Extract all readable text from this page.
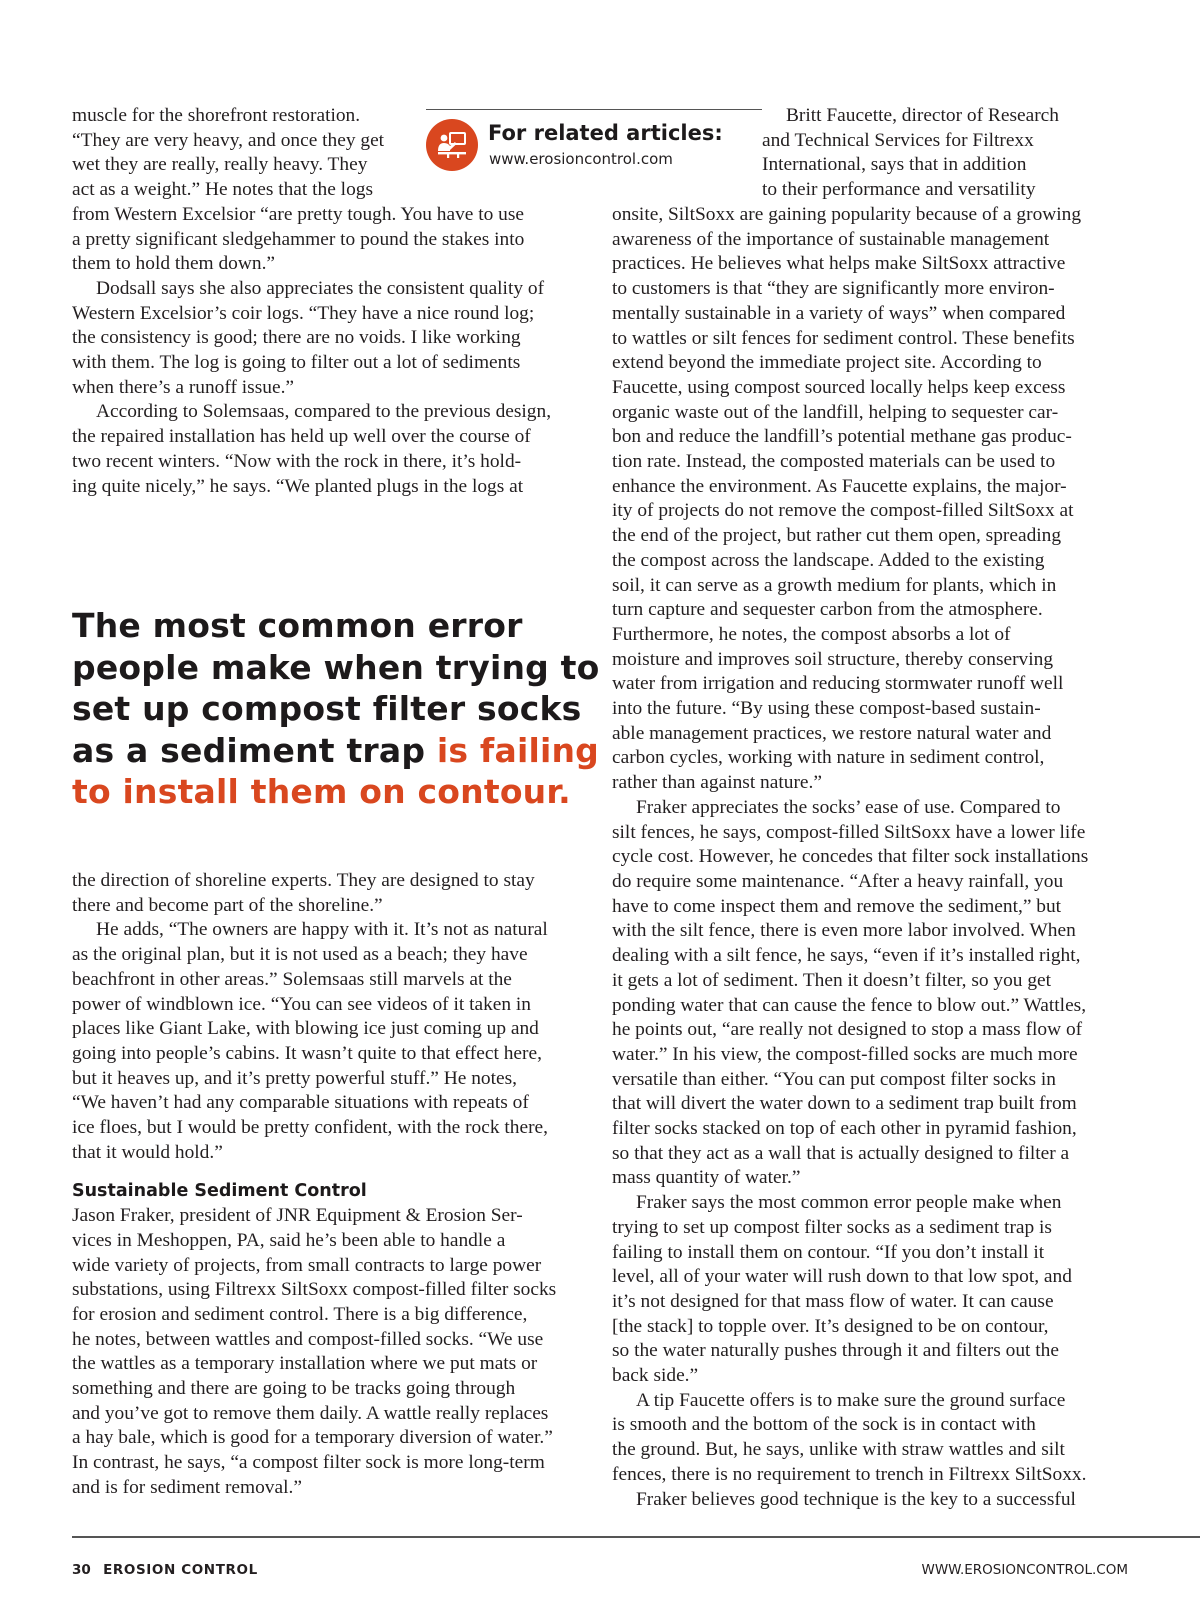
muscle for the shorefront restoration.
“They are very heavy, and once they get
wet they are really, really heavy. They
act as a weight.” He notes that the logs
from Western Excelsior “are pretty tough. You have to use
a pretty significant sledgehammer to pound the stakes into
them to hold them down.”

Dodsall says she also appreciates the consistent quality of
Western Excelsior’s coir logs. “They have a nice round log;
the consistency is good; there are no voids. I like working
with them. The log is going to filter out a lot of sediments
when there’s a runoff issue.”

According to Solemsaas, compared to the previous design,
the repaired installation has held up well over the course of
two recent winters. “Now with the rock in there, it’s hold-
ing quite nicely,” he says. “We planted plugs in the logs at

For related articles:
www.erosioncontrol.com
The most common error
people make when trying to
set up compost filter socks
as a sediment trap is failing
to install them on contour.

the direction of shoreline experts. They are designed to stay
there and become part of the shoreline.”

He adds, “The owners are happy with it. It’s not as natural
as the original plan, but it is not used as a beach; they have
beachfront in other areas.” Solemsaas still marvels at the
power of windblown ice. “You can see videos of it taken in
places like Giant Lake, with blowing ice just coming up and
going into people’s cabins. It wasn’t quite to that effect here,
but it heaves up, and it’s pretty powerful stuff.” He notes,
“We haven’t had any comparable situations with repeats of
ice floes, but I would be pretty confident, with the rock there,
that it would hold.”

Sustainable Sediment Control

Jason Fraker, president of JNR Equipment & Erosion Ser-
vices in Meshoppen, PA, said he’s been able to handle a
wide variety of projects, from small contracts to large power
substations, using Filtrexx SiltSoxx compost-filled filter socks
for erosion and sediment control. There is a big difference,
he notes, between wattles and compost-filled socks. “We use
the wattles as a temporary installation where we put mats or
something and there are going to be tracks going through
and you’ve got to remove them daily. A wattle really replaces
a hay bale, which is good for a temporary diversion of water.”
In contrast, he says, “a compost filter sock is more long-term
and is for sediment removal.”

Britt Faucette, director of Research
and Technical Services for Filtrexx
International, says that in addition
to their performance and versatility

onsite, SiltSoxx are gaining popularity because of a growing
awareness of the importance of sustainable management
practices. He believes what helps make SiltSoxx attractive
to customers is that “they are significantly more environ-
mentally sustainable in a variety of ways” when compared
to wattles or silt fences for sediment control. These benefits
extend beyond the immediate project site. According to
Faucette, using compost sourced locally helps keep excess
organic waste out of the landfill, helping to sequester car-
bon and reduce the landfill’s potential methane gas produc-
tion rate. Instead, the composted materials can be used to
enhance the environment. As Faucette explains, the major-
ity of projects do not remove the compost-filled SiltSoxx at
the end of the project, but rather cut them open, spreading
the compost across the landscape. Added to the existing
soil, it can serve as a growth medium for plants, which in
turn capture and sequester carbon from the atmosphere.
Furthermore, he notes, the compost absorbs a lot of
moisture and improves soil structure, thereby conserving
water from irrigation and reducing stormwater runoff well
into the future. “By using these compost-based sustain-
able management practices, we restore natural water and
carbon cycles, working with nature in sediment control,
rather than against nature.”

Fraker appreciates the socks’ ease of use. Compared to
silt fences, he says, compost-filled SiltSoxx have a lower life
cycle cost. However, he concedes that filter sock installations
do require some maintenance. “After a heavy rainfall, you
have to come inspect them and remove the sediment,” but
with the silt fence, there is even more labor involved. When
dealing with a silt fence, he says, “even if it’s installed right,
it gets a lot of sediment. Then it doesn’t filter, so you get
ponding water that can cause the fence to blow out.” Wattles,
he points out, “are really not designed to stop a mass flow of
water.” In his view, the compost-filled socks are much more
versatile than either. “You can put compost filter socks in
that will divert the water down to a sediment trap built from
filter socks stacked on top of each other in pyramid fashion,
so that they act as a wall that is actually designed to filter a
mass quantity of water.”

Fraker says the most common error people make when
trying to set up compost filter socks as a sediment trap is
failing to install them on contour. “If you don’t install it
level, all of your water will rush down to that low spot, and
it’s not designed for that mass flow of water. It can cause
[the stack] to topple over. It’s designed to be on contour,
so the water naturally pushes through it and filters out the
back side.”

A tip Faucette offers is to make sure the ground surface
is smooth and the bottom of the sock is in contact with
the ground. But, he says, unlike with straw wattles and silt
fences, there is no requirement to trench in Filtrexx SiltSoxx.

Fraker believes good technique is the key to a successful

30 EROSION CONTROL	WWW.EROSIONCONTROL.COM
